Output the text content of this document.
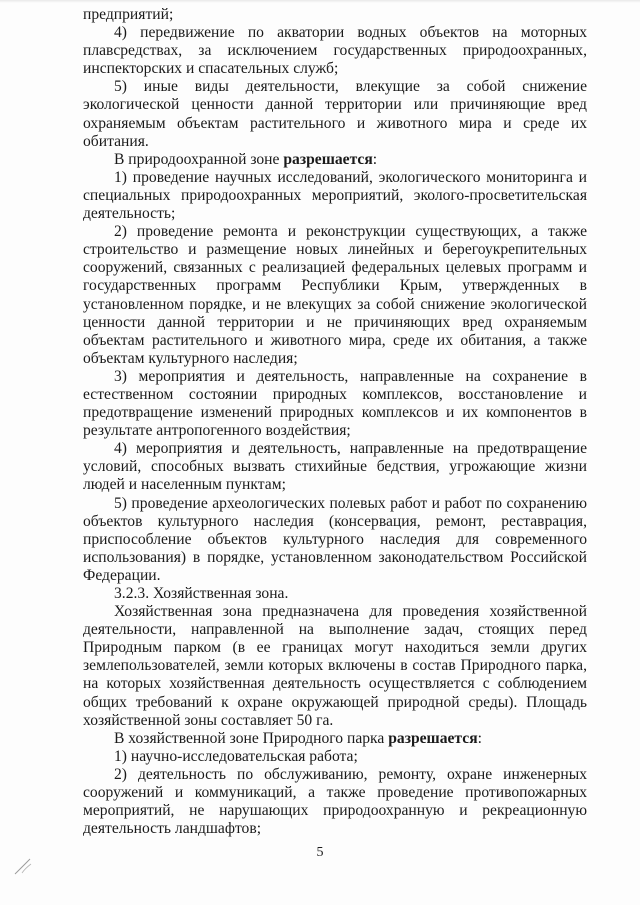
предприятий;

4) передвижение по акватории водных объектов на моторных плавсредствах, за исключением государственных природоохранных, инспекторских и спасательных служб;

5) иные виды деятельности, влекущие за собой снижение экологической ценности данной территории или причиняющие вред охраняемым объектам растительного и животного мира и среде их обитания.

В природоохранной зоне разрешается:

1) проведение научных исследований, экологического мониторинга и специальных природоохранных мероприятий, эколого-просветительская деятельность;

2) проведение ремонта и реконструкции существующих, а также строительство и размещение новых линейных и берегоукрепительных сооружений, связанных с реализацией федеральных целевых программ и государственных программ Республики Крым, утвержденных в установленном порядке, и не влекущих за собой снижение экологической ценности данной территории и не причиняющих вред охраняемым объектам растительного и животного мира, среде их обитания, а также объектам культурного наследия;

3) мероприятия и деятельность, направленные на сохранение в естественном состоянии природных комплексов, восстановление и предотвращение изменений природных комплексов и их компонентов в результате антропогенного воздействия;

4) мероприятия и деятельность, направленные на предотвращение условий, способных вызвать стихийные бедствия, угрожающие жизни людей и населенным пунктам;

5) проведение археологических полевых работ и работ по сохранению объектов культурного наследия (консервация, ремонт, реставрация, приспособление объектов культурного наследия для современного использования) в порядке, установленном законодательством Российской Федерации.

3.2.3. Хозяйственная зона.

Хозяйственная зона предназначена для проведения хозяйственной деятельности, направленной на выполнение задач, стоящих перед Природным парком (в ее границах могут находиться земли других землепользователей, земли которых включены в состав Природного парка, на которых хозяйственная деятельность осуществляется с соблюдением общих требований к охране окружающей природной среды). Площадь хозяйственной зоны составляет 50 га.

В хозяйственной зоне Природного парка разрешается:

1) научно-исследовательская работа;

2) деятельность по обслуживанию, ремонту, охране инженерных сооружений и коммуникаций, а также проведение противопожарных мероприятий, не нарушающих природоохранную и рекреационную деятельность ландшафтов;

5
